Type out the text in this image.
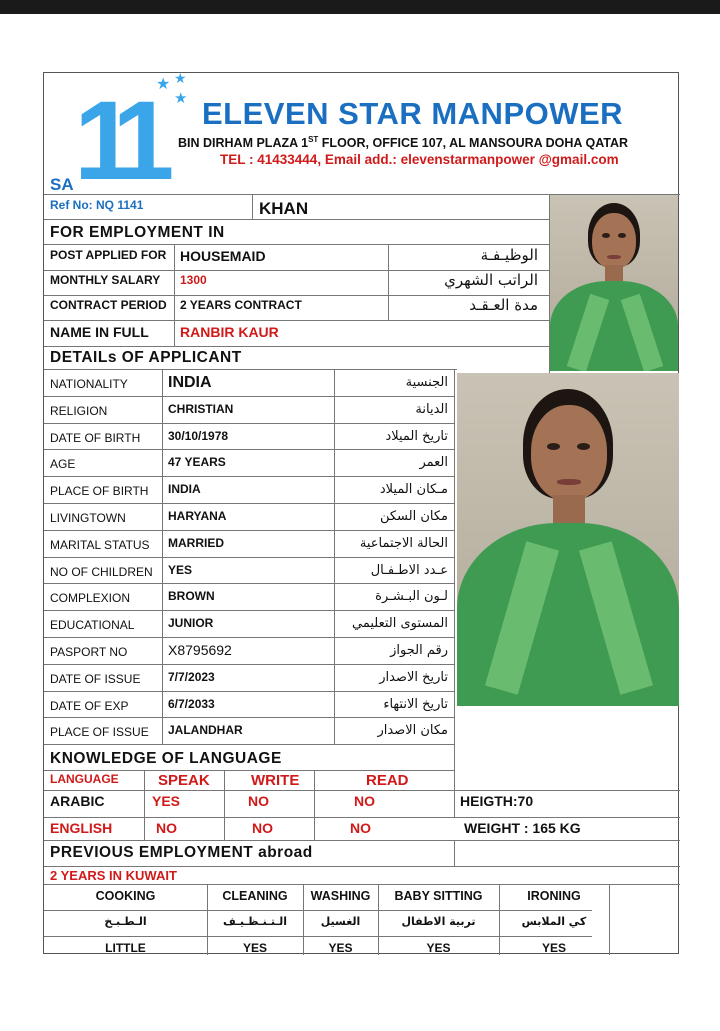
11 ★ ★
★
SA
ELEVEN STAR MANPOWER
BIN DIRHAM PLAZA 1ST FLOOR, OFFICE 107, AL MANSOURA DOHA QATAR
TEL : 41433444, Email add.: elevenstarmanpower @gmail.com
Ref No: NQ 1141	KHAN
FOR EMPLOYMENT IN
POST APPLIED FOR HOUSEMAID	الوظيـفـة
MONTHLY SALARY 1300	الراتب الشهري
CONTRACT PERIOD 2 YEARS CONTRACT	مدة العـقـد
NAME IN FULL RANBIR KAUR
DETAILs OF APPLICANT
NATIONALITY	INDIA	الجنسية
RELIGION	CHRISTIAN	الديانة
DATE OF BIRTH 30/10/1978	تاريخ الميلاد
AGE	47 YEARS	العمر
PLACE OF BIRTH INDIA	مـكان الميلاد
LIVINGTOWN	HARYANA	مكان السكن
MARITAL STATUS MARRIED	الحالة الاجتماعية
NO OF CHILDREN YES	عـدد الاطـفـال
COMPLEXION	BROWN	لـون البـشـرة
EDUCATIONAL	JUNIOR	المستوى التعليمي
PASPORT NO	X8795692	رقم الجواز
DATE OF ISSUE 7/7/2023	تاريخ الاصدار
DATE OF EXP	6/7/2033	تاريخ الانتهاء
PLACE OF ISSUE JALANDHAR	مكان الاصدار
KNOWLEDGE OF LANGUAGE
LANGUAGE	SPEAK	WRITE	READ
ARABIC	YES	NO	NO	HEIGTH:70
ENGLISH	NO	NO	NO	WEIGHT : 165 KG
PREVIOUS EMPLOYMENT abroad
2 YEARS IN KUWAIT
COOKING	CLEANING	WASHING	BABY SITTING	IRONING
الـطـبـخ	الـتـنـظـيـف	الغسيل	تربية الاطفال	كي الملابس
LITTLE	YES	YES	YES	YES
